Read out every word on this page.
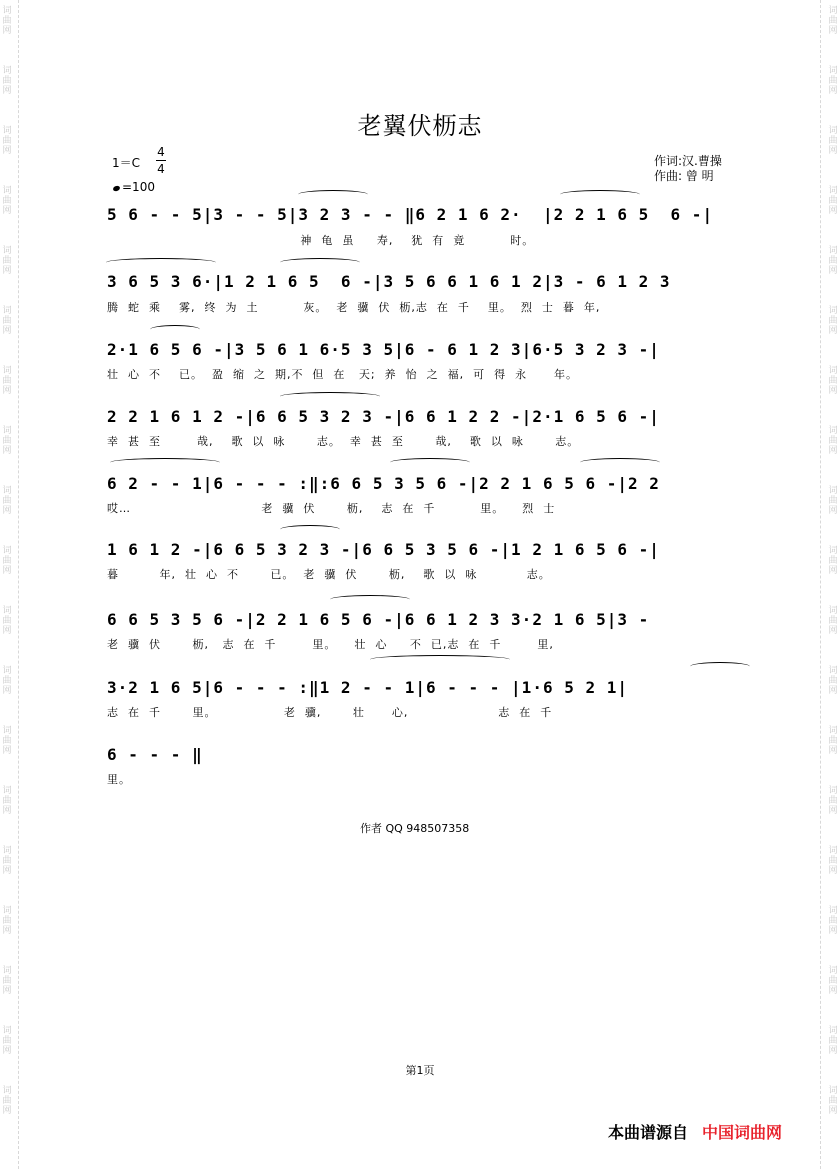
词曲网
词曲网
词曲网
词曲网
词曲网
词曲网
词曲网
词曲网
词曲网
词曲网
词曲网
词曲网
词曲网
词曲网
词曲网
词曲网
词曲网
词曲网
词曲网
词曲网
词曲网
词曲网
词曲网
词曲网
词曲网
词曲网
词曲网
词曲网
词曲网
词曲网
词曲网
词曲网
词曲网
词曲网
词曲网
词曲网
词曲网
词曲网
老翼伏枥志
1＝C
4
4
=100
作词:汉.曹操
作曲: 曾 明
5 6 - - 5|3 - - 5|3 2 3 - - ‖6 2 1 6 2·  |2 2 1 6 5  6 -|
神  龟  虽     寿,    犹  有  竟          时。
3 6 5 3 6·|1 2 1 6 5  6 -|3 5 6 6 1 6 1 2|3 - 6 1 2 3
腾  蛇  乘    雾,  终  为  土          灰。  老  骥  伏  枥,志  在  千    里。  烈  士  暮  年,
2·1 6 5 6 -|3 5 6 1 6·5 3 5|6 - 6 1 2 3|6·5 3 2 3 -|
壮  心  不    已。  盈  缩  之  期,不  但  在   天;  养  怡  之  福,  可  得  永      年。
2 2 1 6 1 2 -|6 6 5 3 2 3 -|6 6 1 2 2 -|2·1 6 5 6 -|
幸  甚  至        哉,    歌  以  咏       志。  幸  甚  至       哉,    歌  以  咏       志。
6 2 - - 1|6 - - - :‖:6 6 5 3 5 6 -|2 2 1 6 5 6 -|2 2
哎…                             老  骥  伏       枥,    志  在  千          里。    烈  士
1 6 1 2 -|6 6 5 3 2 3 -|6 6 5 3 5 6 -|1 2 1 6 5 6 -|
暮         年,  壮  心  不       已。  老  骥  伏       枥,    歌  以  咏           志。
6 6 5 3 5 6 -|2 2 1 6 5 6 -|6 6 1 2 3 3·2 1 6 5|3 -
老  骥  伏       枥,   志  在  千        里。    壮  心     不  已,志  在  千        里,
3·2 1 6 5|6 - - - :‖1 2 - - 1|6 - - - |1·6 5 2 1|
志  在  千       里。               老  骥,       壮      心,                    志  在  千
6 - - - ‖
里。
作者 QQ 948507358
第1页
本曲谱源自 中国词曲网
